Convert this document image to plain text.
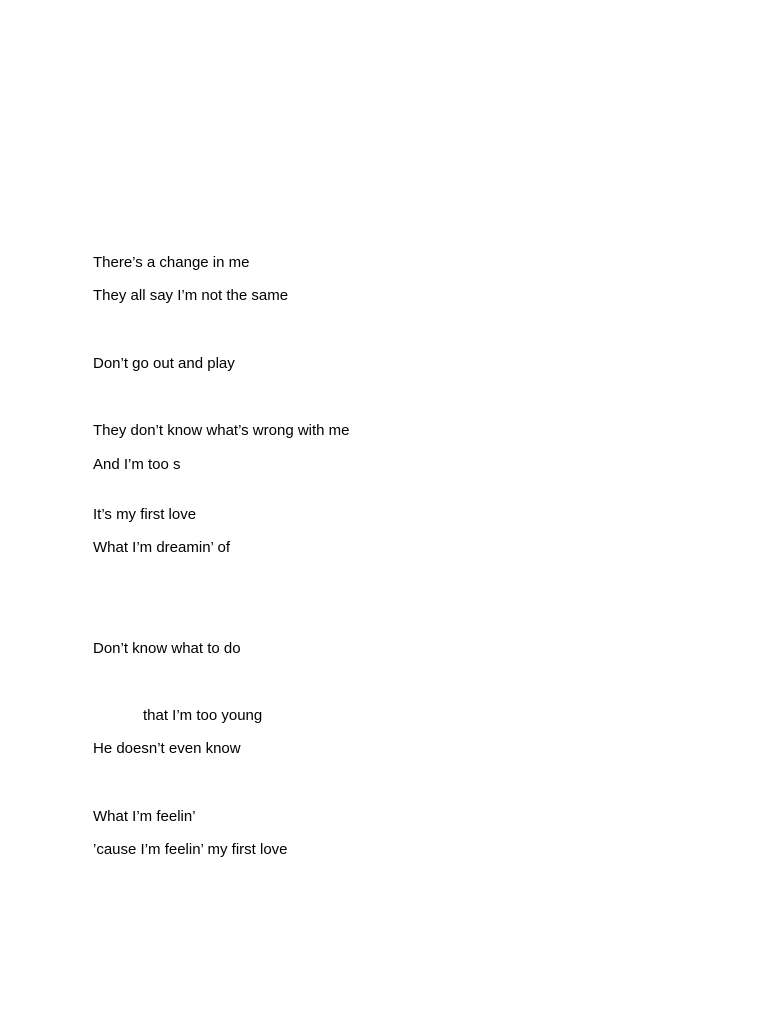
There’s a change in me
They all say I’m not the same
Don’t go out and play
They don’t know what’s wrong with me
And I’m too s
It’s my first love
What I’m dreamin’ of
Don’t know what to do
that I’m too young
He doesn’t even know
What I’m feelin’
’cause I’m feelin’ my first love
